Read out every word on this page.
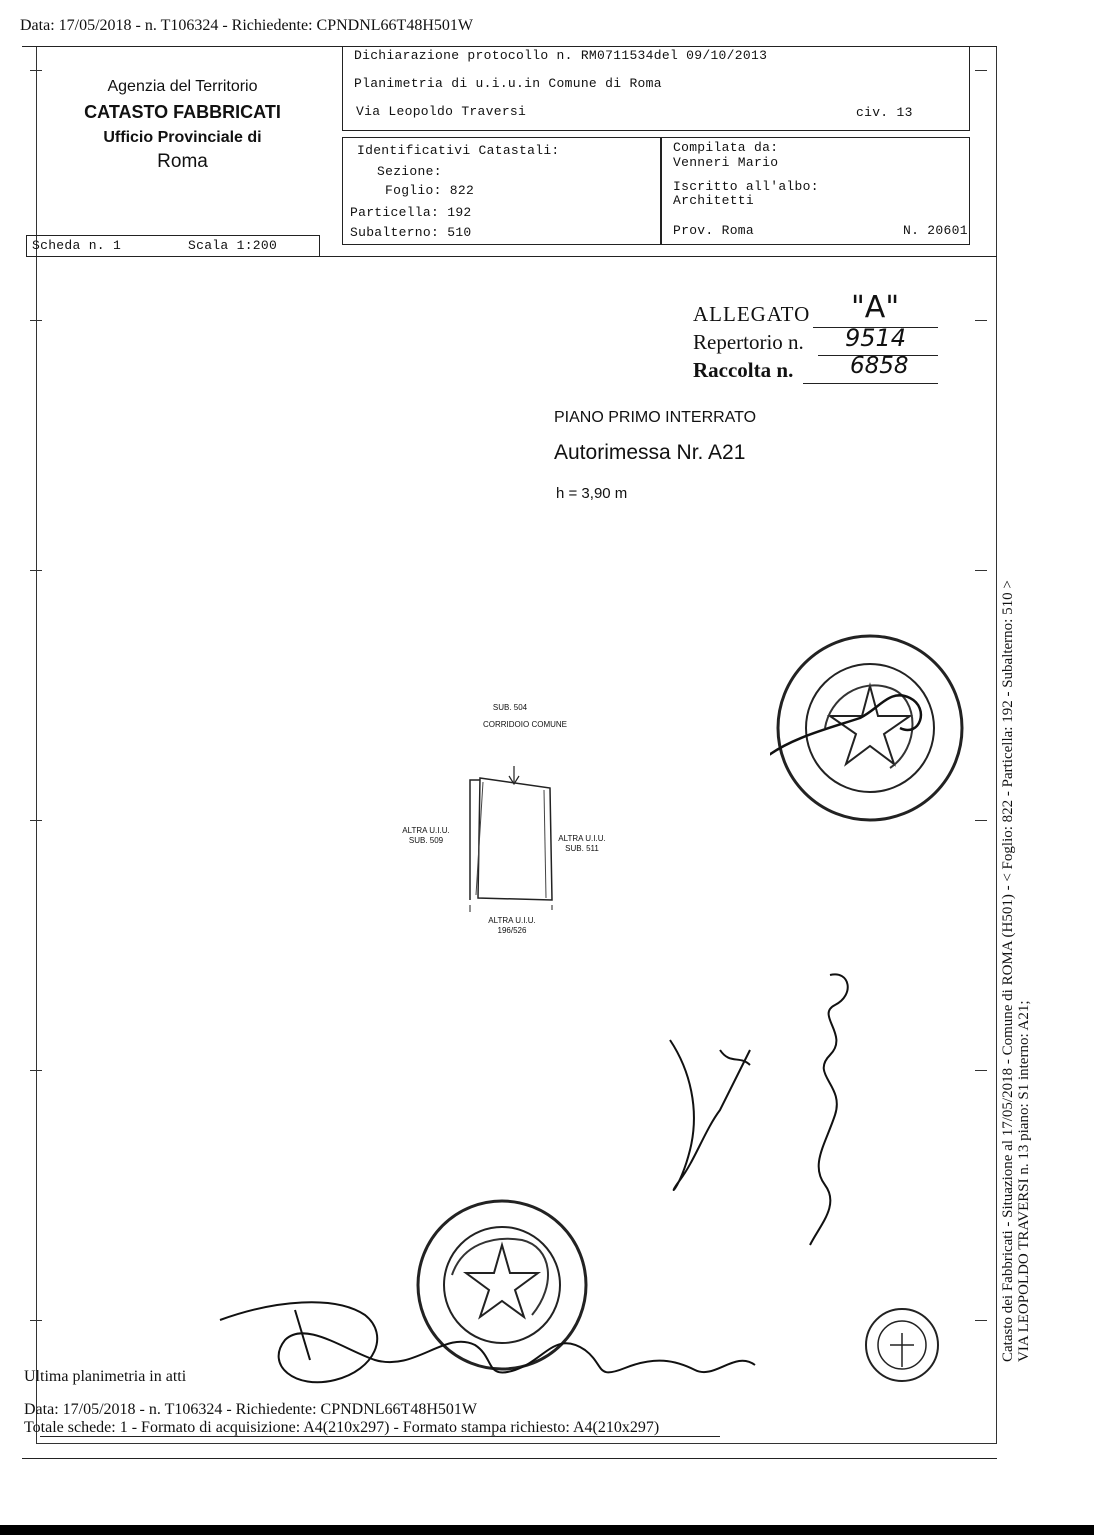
Data: 17/05/2018 - n. T106324 - Richiedente: CPNDNL66T48H501W
Agenzia del Territorio
CATASTO FABBRICATI
Ufficio Provinciale di
Roma
Dichiarazione protocollo n. RM0711534del 09/10/2013
Planimetria di u.i.u.in Comune di Roma
Via Leopoldo Traversi	civ. 13
Identificativi Catastali:
Sezione:
Foglio: 822
Particella: 192
Subalterno: 510
Compilata da:
Venneri Mario
Iscritto all'albo:
Architetti
Prov. Roma	N. 20601
Scheda n. 1	Scala 1:200
ALLEGATO "A"
Repertorio n. 9514
Raccolta n. 6858
PIANO PRIMO INTERRATO
Autorimessa Nr. A21
h = 3,90 m
SUB. 504
CORRIDOIO COMUNE
ALTRA U.I.U.
SUB. 509	ALTRA U.I.U.
SUB. 511
ALTRA U.I.U.
196/526	Catasto dei Fabbricati - Situazione al 17/05/2018 - Comune di ROMA (H501) - < Foglio: 822 - Particella: 192 - Subalterno: 510 > VIA LEOPOLDO TRAVERSI n. 13 piano: S1 interno: A21;
Ultima planimetria in atti
Data: 17/05/2018 - n. T106324 - Richiedente: CPNDNL66T48H501W
Totale schede: 1 - Formato di acquisizione: A4(210x297) - Formato stampa richiesto: A4(210x297)
